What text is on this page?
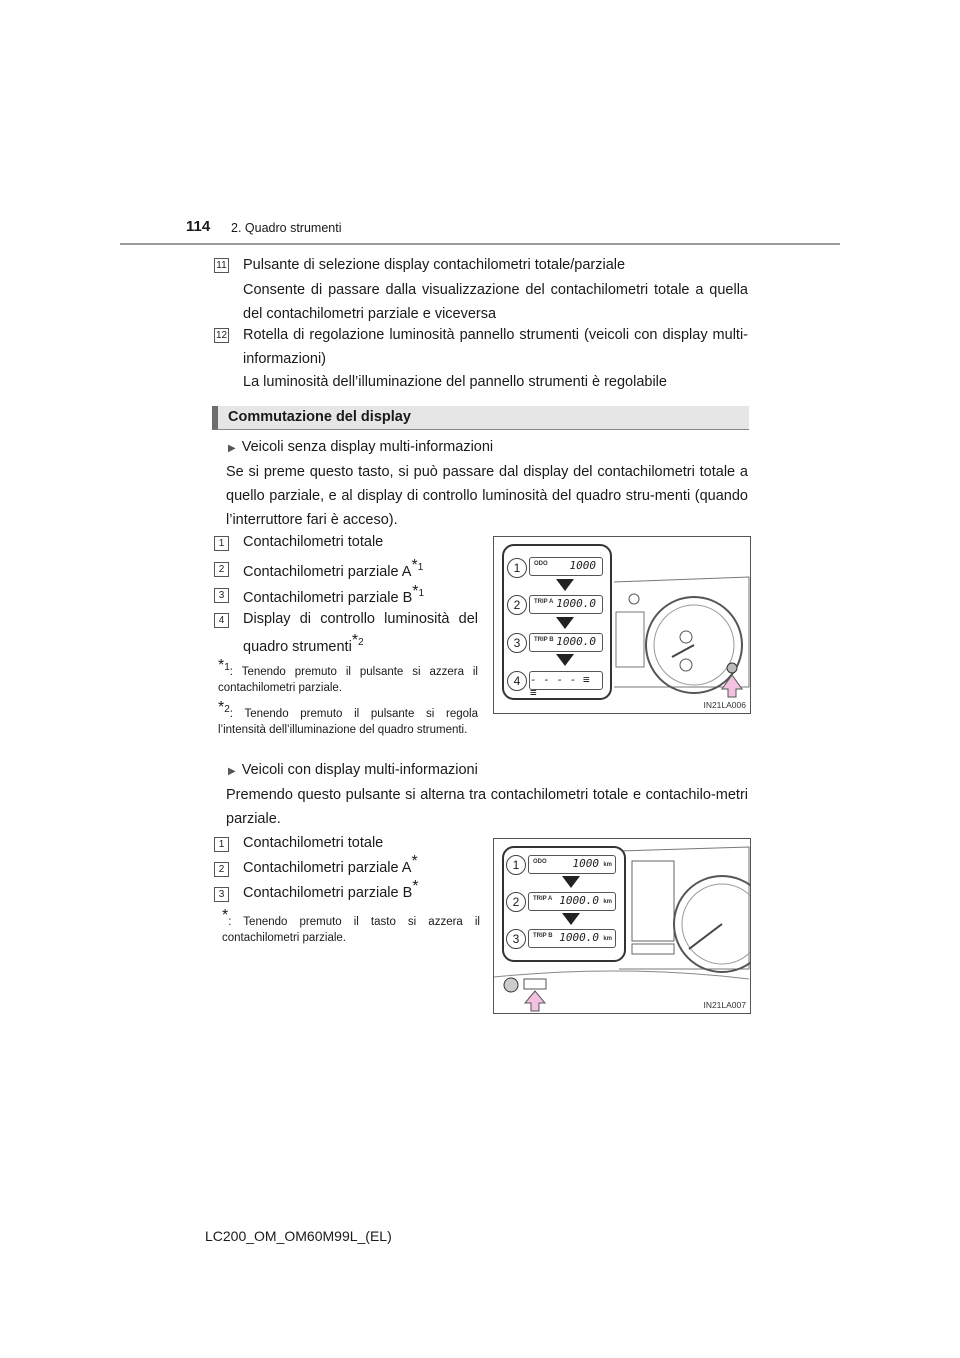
114 2. Quadro strumenti
11 Pulsante di selezione display contachilometri totale/parziale
Consente di passare dalla visualizzazione del contachilometri totale a quella del contachilometri parziale e viceversa
12 Rotella di regolazione luminosità pannello strumenti (veicoli con display multi-informazioni)
La luminosità dell’illuminazione del pannello strumenti è regolabile
Commutazione del display
▶ Veicoli senza display multi-informazioni
Se si preme questo tasto, si può passare dal display del contachilometri totale a quello parziale, e al display di controllo luminosità del quadro stru-menti (quando l’interruttore fari è acceso).
1	Contachilometri totale
2	Contachilometri parziale A*$^1$
3	Contachilometri parziale B*$^1$
4	Display di controllo luminosità del quadro strumenti*$^2$
*1: Tenendo premuto il pulsante si azzera il contachilometri parziale.
*2: Tenendo premuto il pulsante si regola l’intensità dell’illuminazione del quadro strumenti.
1	ODO 1000
2	TRIP A 1000.0
3	TRIP B 1000.0
4 - - - - ≡ ≡
IN21LA006
▶ Veicoli con display multi-informazioni
Premendo questo pulsante si alterna tra contachilometri totale e contachilo-metri parziale.
1	Contachilometri totale
2	Contachilometri parziale A*
3	Contachilometri parziale B*
*: Tenendo premuto il tasto si azzera il contachilometri parziale.
1	ODO 1000 km
2	TRIP A 1000.0 km
3	TRIP B 1000.0 km
IN21LA007
LC200_OM_OM60M99L_(EL)
